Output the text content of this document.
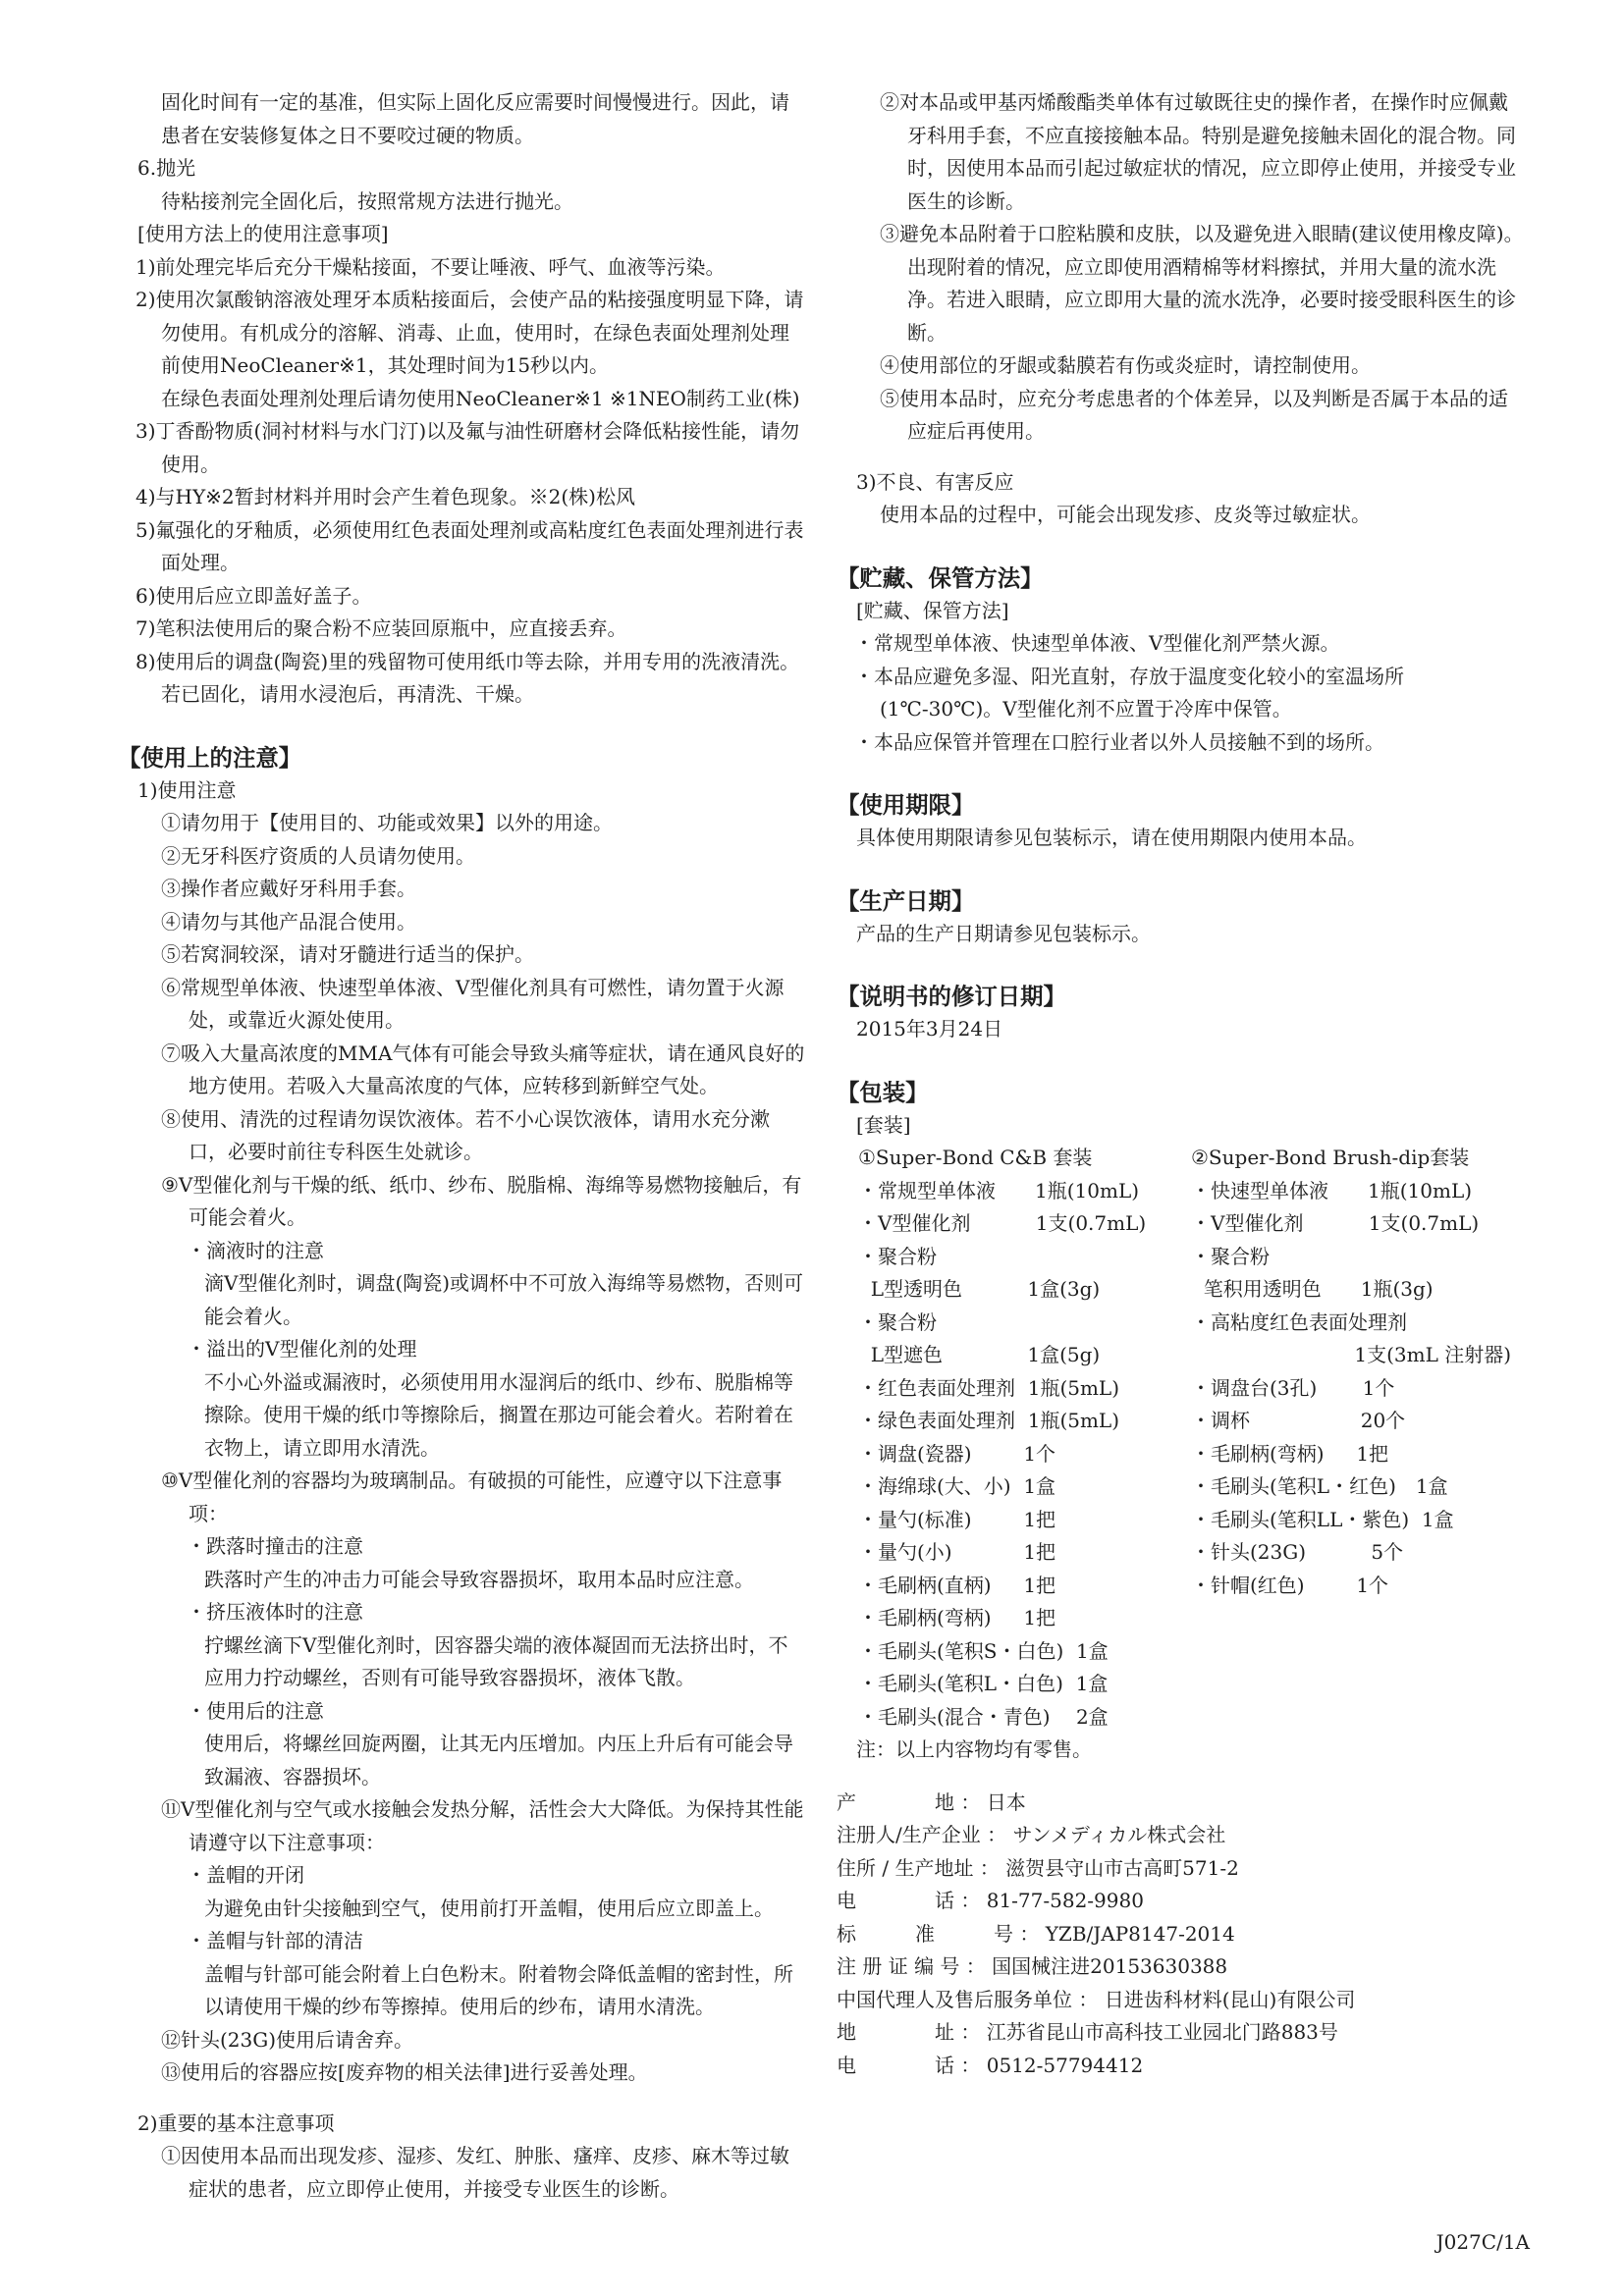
固化时间有一定的基准，但实际上固化反应需要时间慢慢进行。因此，请患者在安装修复体之日不要咬过硬的物质。

6.抛光

待粘接剂完全固化后，按照常规方法进行抛光。

[使用方法上的使用注意事项]

1)前处理完毕后充分干燥粘接面，不要让唾液、呼气、血液等污染。

2)使用次氯酸钠溶液处理牙本质粘接面后，会使产品的粘接强度明显下降，请勿使用。有机成分的溶解、消毒、止血，使用时，在绿色表面处理剂处理前使用NeoCleaner※1，其处理时间为15秒以内。

在绿色表面处理剂处理后请勿使用NeoCleaner※1 ※1NEO制药工业(株)

3)丁香酚物质(洞衬材料与水门汀)以及氟与油性研磨材会降低粘接性能，请勿使用。

4)与HY※2暂封材料并用时会产生着色现象。※2(株)松风

5)氟强化的牙釉质，必须使用红色表面处理剂或高粘度红色表面处理剂进行表面处理。

6)使用后应立即盖好盖子。

7)笔积法使用后的聚合粉不应装回原瓶中，应直接丢弃。

8)使用后的调盘(陶瓷)里的残留物可使用纸巾等去除，并用专用的洗液清洗。若已固化，请用水浸泡后，再清洗、干燥。

【使用上的注意】

1)使用注意

①请勿用于【使用目的、功能或效果】以外的用途。

②无牙科医疗资质的人员请勿使用。

③操作者应戴好牙科用手套。

④请勿与其他产品混合使用。

⑤若窝洞较深，请对牙髓进行适当的保护。

⑥常规型单体液、快速型单体液、V型催化剂具有可燃性，请勿置于火源处，或靠近火源处使用。

⑦吸入大量高浓度的MMA气体有可能会导致头痛等症状，请在通风良好的地方使用。若吸入大量高浓度的气体，应转移到新鲜空气处。

⑧使用、清洗的过程请勿误饮液体。若不小心误饮液体，请用水充分漱口，必要时前往专科医生处就诊。

⑨V型催化剂与干燥的纸、纸巾、纱布、脱脂棉、海绵等易燃物接触后，有可能会着火。

・滴液时的注意

滴V型催化剂时，调盘(陶瓷)或调杯中不可放入海绵等易燃物，否则可能会着火。

・溢出的V型催化剂的处理

不小心外溢或漏液时，必须使用用水湿润后的纸巾、纱布、脱脂棉等擦除。使用干燥的纸巾等擦除后，搁置在那边可能会着火。若附着在衣物上，请立即用水清洗。

⑩V型催化剂的容器均为玻璃制品。有破损的可能性，应遵守以下注意事项：

・跌落时撞击的注意

跌落时产生的冲击力可能会导致容器损坏，取用本品时应注意。

・挤压液体时的注意

拧螺丝滴下V型催化剂时，因容器尖端的液体凝固而无法挤出时，不应用力拧动螺丝，否则有可能导致容器损坏，液体飞散。

・使用后的注意

使用后，将螺丝回旋两圈，让其无内压增加。内压上升后有可能会导致漏液、容器损坏。

⑪V型催化剂与空气或水接触会发热分解，活性会大大降低。为保持其性能请遵守以下注意事项：

・盖帽的开闭

为避免由针尖接触到空气，使用前打开盖帽，使用后应立即盖上。

・盖帽与针部的清洁

盖帽与针部可能会附着上白色粉末。附着物会降低盖帽的密封性，所以请使用干燥的纱布等擦掉。使用后的纱布，请用水清洗。

⑫针头(23G)使用后请舍弃。

⑬使用后的容器应按[废弃物的相关法律]进行妥善处理。

2)重要的基本注意事项

①因使用本品而出现发疹、湿疹、发红、肿胀、瘙痒、皮疹、麻木等过敏症状的患者，应立即停止使用，并接受专业医生的诊断。

②对本品或甲基丙烯酸酯类单体有过敏既往史的操作者，在操作时应佩戴牙科用手套，不应直接接触本品。特别是避免接触未固化的混合物。同时，因使用本品而引起过敏症状的情况，应立即停止使用，并接受专业医生的诊断。

③避免本品附着于口腔粘膜和皮肤，以及避免进入眼睛(建议使用橡皮障)。出现附着的情况，应立即使用酒精棉等材料擦拭，并用大量的流水洗净。若进入眼睛，应立即用大量的流水洗净，必要时接受眼科医生的诊断。

④使用部位的牙龈或黏膜若有伤或炎症时，请控制使用。

⑤使用本品时，应充分考虑患者的个体差异，以及判断是否属于本品的适应症后再使用。

3)不良、有害反应

使用本品的过程中，可能会出现发疹、皮炎等过敏症状。

【贮藏、保管方法】

[贮藏、保管方法]

・常规型单体液、快速型单体液、V型催化剂严禁火源。

・本品应避免多湿、阳光直射，存放于温度变化较小的室温场所(1℃-30℃)。V型催化剂不应置于冷库中保管。

・本品应保管并管理在口腔行业者以外人员接触不到的场所。

【使用期限】

具体使用期限请参见包装标示，请在使用期限内使用本品。

【生产日期】

产品的生产日期请参见包装标示。

【说明书的修订日期】

2015年3月24日

【包装】

[套装]

①Super-Bond C&B 套装
・常规型单体液　　1瓶(10mL)
・V型催化剂　　　 1支(0.7mL)
・聚合粉
L型透明色　　　 1盒(3g)
・聚合粉
L型遮色　　　　 1盒(5g)
・红色表面处理剂  1瓶(5mL)
・绿色表面处理剂  1瓶(5mL)
・调盘(瓷器)　　  1个
・海绵球(大、小)  1盒
・量勺(标准)　　  1把
・量勺(小)　　　  1把
・毛刷柄(直柄)　  1把
・毛刷柄(弯柄)　  1把
・毛刷头(笔积S・白色)  1盒
・毛刷头(笔积L・白色)  1盒
・毛刷头(混合・青色)　 2盒
②Super-Bond Brush-dip套装
・快速型单体液　　1瓶(10mL)
・V型催化剂　　　 1支(0.7mL)
・聚合粉
笔积用透明色　　1瓶(3g)
・高粘度红色表面处理剂
　　　　　　　　 1支(3mL 注射器)
・调盘台(3孔)　　 1个
・调杯　　　　　  20个
・毛刷柄(弯柄)　  1把
・毛刷头(笔积L・红色)　1盒
・毛刷头(笔积LL・紫色)  1盒
・针头(23G)　　　 5个
・针帽(红色)　　  1个

注：以上内容物均有零售。

产　　　　地 ： 日本
注册人/生产企业 ： サンメディカル株式会社
住所 / 生产地址 ： 滋贺县守山市古高町571-2
电　　　　话 ： 81-77-582-9980
标　　　准　　　号 ： YZB/JAP8147-2014
注 册 证 编 号 ： 国国械注进20153630388
中国代理人及售后服务单位 ： 日进齿科材料(昆山)有限公司
地　　　　址 ： 江苏省昆山市高科技工业园北门路883号
电　　　　话 ： 0512-57794412
J027C/1A
